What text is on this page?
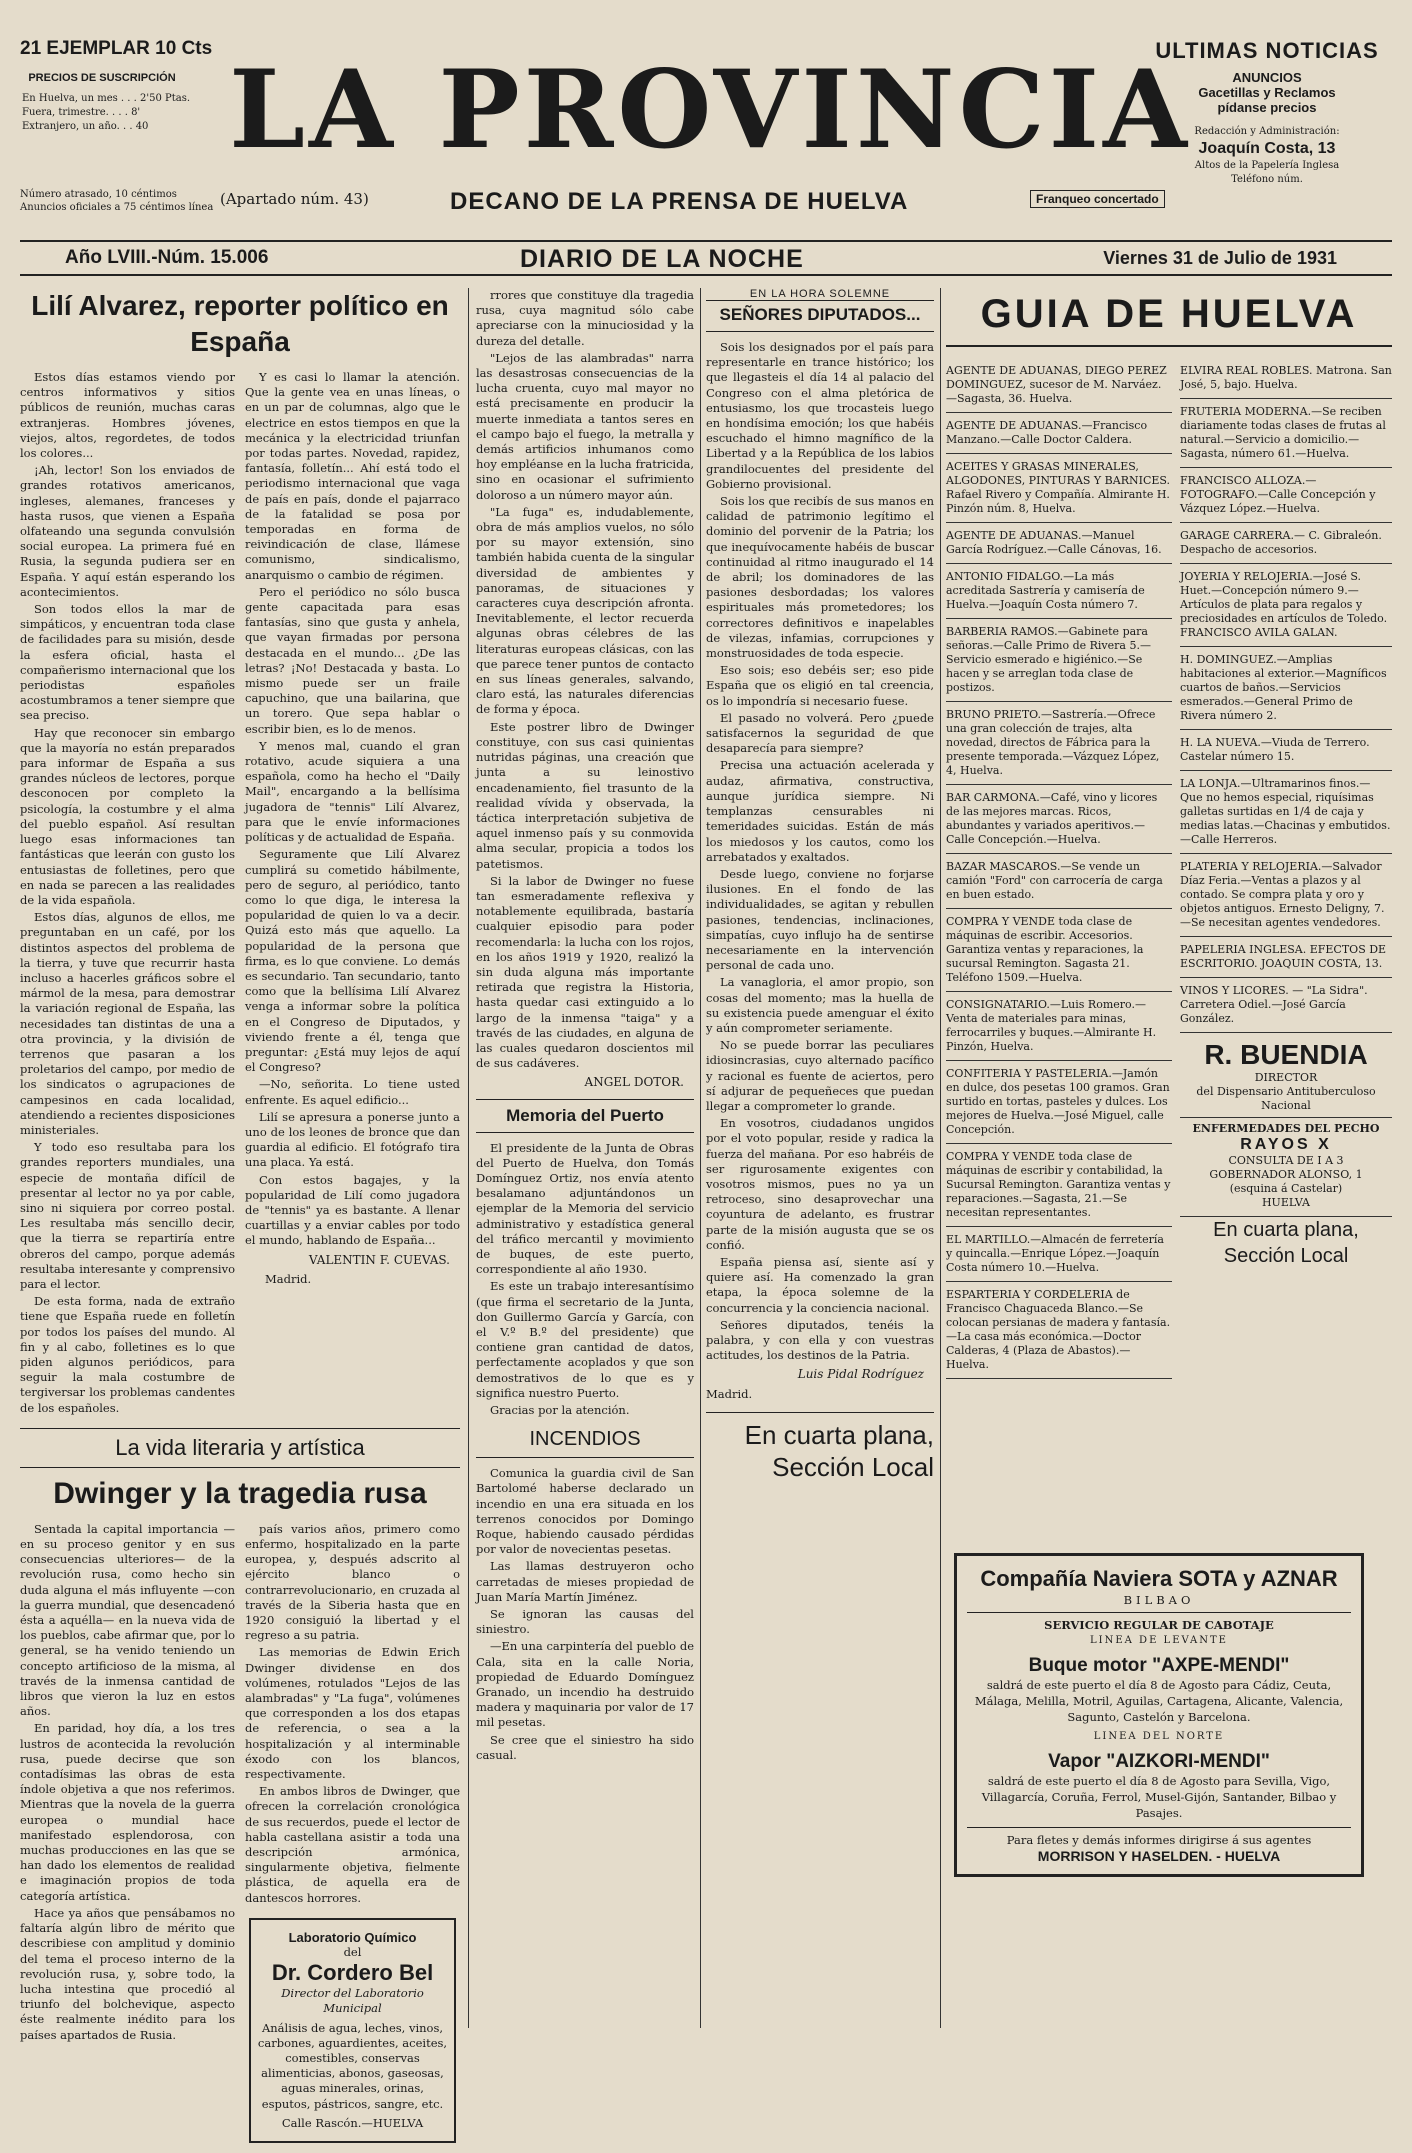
21 EJEMPLAR 10 Cts
PRECIOS DE SUSCRIPCIÓN
En Huelva, un mes . . . 2'50 Ptas.
Fuera, trimestre. . . . 8'
Extranjero, un año. . . 40
Número atrasado, 10 céntimos
Anuncios oficiales a 75 céntimos línea
LA PROVINCIA
(Apartado núm. 43)	DECANO DE LA PRENSA DE HUELVA	Franqueo concertado
ULTIMAS NOTICIAS
ANUNCIOS
Gacetillas y Reclamos
pídanse precios
Redacción y Administración:
Joaquín Costa, 13
Altos de la Papelería Inglesa
Teléfono núm.
Año LVIII.-Núm. 15.006	DIARIO DE LA NOCHE	Viernes 31 de Julio de 1931
Lilí Alvarez, reporter político en España

Estos días estamos viendo por centros informativos y sitios públicos de reunión, muchas caras extranjeras. Hombres jóvenes, viejos, altos, regordetes, de todos los colores...

¡Ah, lector! Son los enviados de grandes rotativos americanos, ingleses, alemanes, franceses y hasta rusos, que vienen a España olfateando una segunda convulsión social europea. La primera fué en Rusia, la segunda pudiera ser en España. Y aquí están esperando los acontecimientos.

Son todos ellos la mar de simpáticos, y encuentran toda clase de facilidades para su misión, desde la esfera oficial, hasta el compañerismo internacional que los periodistas españoles acostumbramos a tener siempre que sea preciso.

Hay que reconocer sin embargo que la mayoría no están preparados para informar de España a sus grandes núcleos de lectores, porque desconocen por completo la psicología, la costumbre y el alma del pueblo español. Así resultan luego esas informaciones tan fantásticas que leerán con gusto los entusiastas de folletines, pero que en nada se parecen a las realidades de la vida española.

Estos días, algunos de ellos, me preguntaban en un café, por los distintos aspectos del problema de la tierra, y tuve que recurrir hasta incluso a hacerles gráficos sobre el mármol de la mesa, para demostrar la variación regional de España, las necesidades tan distintas de una a otra provincia, y la división de terrenos que pasaran a los proletarios del campo, por medio de los sindicatos o agrupaciones de campesinos en cada localidad, atendiendo a recientes disposiciones ministeriales.

Y todo eso resultaba para los grandes reporters mundiales, una especie de montaña difícil de presentar al lector no ya por cable, sino ni siquiera por correo postal. Les resultaba más sencillo decir, que la tierra se repartiría entre obreros del campo, porque además resultaba interesante y comprensivo para el lector.

De esta forma, nada de extraño tiene que España ruede en folletín por todos los países del mundo. Al fin y al cabo, folletines es lo que piden algunos periódicos, para seguir la mala costumbre de tergiversar los problemas candentes de los españoles.

Y es casi lo llamar la atención. Que la gente vea en unas líneas, o en un par de columnas, algo que le electrice en estos tiempos en que la mecánica y la electricidad triunfan por todas partes. Novedad, rapidez, fantasía, folletín... Ahí está todo el periodismo internacional que vaga de país en país, donde el pajarraco de la fatalidad se posa por temporadas en forma de reivindicación de clase, llámese comunismo, sindicalismo, anarquismo o cambio de régimen.

Pero el periódico no sólo busca gente capacitada para esas fantasías, sino que gusta y anhela, que vayan firmadas por persona destacada en el mundo... ¿De las letras? ¡No! Destacada y basta. Lo mismo puede ser un fraile capuchino, que una bailarina, que un torero. Que sepa hablar o escribir bien, es lo de menos.

Y menos mal, cuando el gran rotativo, acude siquiera a una española, como ha hecho el "Daily Mail", encargando a la bellísima jugadora de "tennis" Lilí Alvarez, para que le envíe informaciones políticas y de actualidad de España.

Seguramente que Lilí Alvarez cumplirá su cometido hábilmente, pero de seguro, al periódico, tanto como lo que diga, le interesa la popularidad de quien lo va a decir. Quizá esto más que aquello. La popularidad de la persona que firma, es lo que conviene. Lo demás es secundario. Tan secundario, tanto como que la bellísima Lilí Alvarez venga a informar sobre la política en el Congreso de Diputados, y viviendo frente a él, tenga que preguntar: ¿Está muy lejos de aquí el Congreso?

—No, señorita. Lo tiene usted enfrente. Es aquel edificio...

Lilí se apresura a ponerse junto a uno de los leones de bronce que dan guardia al edificio. El fotógrafo tira una placa. Ya está.

Con estos bagajes, y la popularidad de Lilí como jugadora de "tennis" ya es bastante. A llenar cuartillas y a enviar cables por todo el mundo, hablando de España...

VALENTIN F. CUEVAS.
Madrid.
La vida literaria y artística
Dwinger y la tragedia rusa

Sentada la capital importancia —en su proceso genitor y en sus consecuencias ulteriores— de la revolución rusa, como hecho sin duda alguna el más influyente —con la guerra mundial, que desencadenó ésta a aquélla— en la nueva vida de los pueblos, cabe afirmar que, por lo general, se ha venido teniendo un concepto artificioso de la misma, al través de la inmensa cantidad de libros que vieron la luz en estos años.

En paridad, hoy día, a los tres lustros de acontecida la revolución rusa, puede decirse que son contadísimas las obras de esta índole objetiva a que nos referimos. Mientras que la novela de la guerra europea o mundial hace manifestado esplendorosa, con muchas producciones en las que se han dado los elementos de realidad e imaginación propios de toda categoría artística.

Hace ya años que pensábamos no faltaría algún libro de mérito que describiese con amplitud y dominio del tema el proceso interno de la revolución rusa, y, sobre todo, la lucha intestina que procedió al triunfo del bolchevique, aspecto éste realmente inédito para los países apartados de Rusia.

país varios años, primero como enfermo, hospitalizado en la parte europea, y, después adscrito al ejército blanco o contrarrevolucionario, en cruzada al través de la Siberia hasta que en 1920 consiguió la libertad y el regreso a su patria.

Las memorias de Edwin Erich Dwinger dividense en dos volúmenes, rotulados "Lejos de las alambradas" y "La fuga", volúmenes que corresponden a los dos etapas de referencia, o sea a la hospitalización y al interminable éxodo con los blancos, respectivamente.

En ambos libros de Dwinger, que ofrecen la correlación cronológica de sus recuerdos, puede el lector de habla castellana asistir a toda una descripción armónica, singularmente objetiva, fielmente plástica, de aquella era de dantescos horrores.

Laboratorio Químico
del
Dr. Cordero Bel
Director del Laboratorio Municipal
Análisis de agua, leches, vinos, carbones, aguardientes, aceites, comestibles, conservas alimenticias, abonos, gaseosas, aguas minerales, orinas, esputos, pástricos, sangre, etc.
Calle Rascón.—HUELVA

rrores que constituye dla tragedia rusa, cuya magnitud sólo cabe apreciarse con la minuciosidad y la dureza del detalle.

"Lejos de las alambradas" narra las desastrosas consecuencias de la lucha cruenta, cuyo mal mayor no está precisamente en producir la muerte inmediata a tantos seres en el campo bajo el fuego, la metralla y demás artificios inhumanos como hoy empléanse en la lucha fratricida, sino en ocasionar el sufrimiento doloroso a un número mayor aún.

"La fuga" es, indudablemente, obra de más amplios vuelos, no sólo por su mayor extensión, sino también habida cuenta de la singular diversidad de ambientes y panoramas, de situaciones y caracteres cuya descripción afronta. Inevitablemente, el lector recuerda algunas obras célebres de las literaturas europeas clásicas, con las que parece tener puntos de contacto en sus líneas generales, salvando, claro está, las naturales diferencias de forma y época.

Este postrer libro de Dwinger constituye, con sus casi quinientas nutridas páginas, una creación que junta a su leinostivo encadenamiento, fiel trasunto de la realidad vívida y observada, la táctica interpretación subjetiva de aquel inmenso país y su conmovida alma secular, propicia a todos los patetismos.

Si la labor de Dwinger no fuese tan esmeradamente reflexiva y notablemente equilibrada, bastaría cualquier episodio para poder recomendarla: la lucha con los rojos, en los años 1919 y 1920, realizó la sin duda alguna más importante retirada que registra la Historia, hasta quedar casi extinguido a lo largo de la inmensa "taiga" y a través de las ciudades, en alguna de las cuales quedaron doscientos mil de sus cadáveres.

ANGEL DOTOR.
Memoria del Puerto

El presidente de la Junta de Obras del Puerto de Huelva, don Tomás Domínguez Ortiz, nos envía atento besalamano adjuntándonos un ejemplar de la Memoria del servicio administrativo y estadística general del tráfico mercantil y movimiento de buques, de este puerto, correspondiente al año 1930.

Es este un trabajo interesantísimo (que firma el secretario de la Junta, don Guillermo García y García, con el V.º B.º del presidente) que contiene gran cantidad de datos, perfectamente acoplados y que son demostrativos de lo que es y significa nuestro Puerto.

Gracias por la atención.

INCENDIOS

Comunica la guardia civil de San Bartolomé haberse declarado un incendio en una era situada en los terrenos conocidos por Domingo Roque, habiendo causado pérdidas por valor de novecientas pesetas.

Las llamas destruyeron ocho carretadas de mieses propiedad de Juan María Martín Jiménez.

Se ignoran las causas del siniestro.

—En una carpintería del pueblo de Cala, sita en la calle Noria, propiedad de Eduardo Domínguez Granado, un incendio ha destruido madera y maquinaria por valor de 17 mil pesetas.

Se cree que el siniestro ha sido casual.

EN LA HORA SOLEMNE
SEÑORES DIPUTADOS...

Sois los designados por el país para representarle en trance histórico; los que llegasteis el día 14 al palacio del Congreso con el alma pletórica de entusiasmo, los que trocasteis luego en hondísima emoción; los que habéis escuchado el himno magnífico de la Libertad y a la República de los labios grandilocuentes del presidente del Gobierno provisional.

Sois los que recibís de sus manos en calidad de patrimonio legítimo el dominio del porvenir de la Patria; los que inequívocamente habéis de buscar continuidad al ritmo inaugurado el 14 de abril; los dominadores de las pasiones desbordadas; los valores espirituales más prometedores; los correctores definitivos e inapelables de vilezas, infamias, corrupciones y monstruosidades de toda especie.

Eso sois; eso debéis ser; eso pide España que os eligió en tal creencia, os lo impondría si necesario fuese.

El pasado no volverá. Pero ¿puede satisfacernos la seguridad de que desaparecía para siempre?

Precisa una actuación acelerada y audaz, afirmativa, constructiva, aunque jurídica siempre. Ni templanzas censurables ni temeridades suicidas. Están de más los miedosos y los cautos, como los arrebatados y exaltados.

Desde luego, conviene no forjarse ilusiones. En el fondo de las individualidades, se agitan y rebullen pasiones, tendencias, inclinaciones, simpatías, cuyo influjo ha de sentirse necesariamente en la intervención personal de cada uno.

La vanagloria, el amor propio, son cosas del momento; mas la huella de su existencia puede amenguar el éxito y aún comprometer seriamente.

No se puede borrar las peculiares idiosincrasias, cuyo alternado pacífico y racional es fuente de aciertos, pero sí adjurar de pequeñeces que puedan llegar a comprometer lo grande.

En vosotros, ciudadanos ungidos por el voto popular, reside y radica la fuerza del mañana. Por eso habréis de ser rigurosamente exigentes con vosotros mismos, pues no ya un retroceso, sino desaprovechar una coyuntura de adelanto, es frustrar parte de la misión augusta que se os confió.

España piensa así, siente así y quiere así. Ha comenzado la gran etapa, la época solemne de la concurrencia y la conciencia nacional.

Señores diputados, tenéis la palabra, y con ella y con vuestras actitudes, los destinos de la Patria.

Luis Pidal Rodríguez
Madrid.
En cuarta plana,
Sección Local
GUIA DE HUELVA
AGENTE DE ADUANAS, DIEGO PEREZ DOMINGUEZ, sucesor de M. Narváez.—Sagasta, 36. Huelva.
AGENTE DE ADUANAS.—Francisco Manzano.—Calle Doctor Caldera.
ACEITES Y GRASAS MINERALES, ALGODONES, PINTURAS Y BARNICES. Rafael Rivero y Compañía. Almirante H. Pinzón núm. 8, Huelva.
AGENTE DE ADUANAS.—Manuel García Rodríguez.—Calle Cánovas, 16.
ANTONIO FIDALGO.—La más acreditada Sastrería y camisería de Huelva.—Joaquín Costa número 7.
BARBERIA RAMOS.—Gabinete para señoras.—Calle Primo de Rivera 5.—Servicio esmerado e higiénico.—Se hacen y se arreglan toda clase de postizos.
BRUNO PRIETO.—Sastrería.—Ofrece una gran colección de trajes, alta novedad, directos de Fábrica para la presente temporada.—Vázquez López, 4, Huelva.
BAR CARMONA.—Café, vino y licores de las mejores marcas. Ricos, abundantes y variados aperitivos.—Calle Concepción.—Huelva.
BAZAR MASCAROS.—Se vende un camión "Ford" con carrocería de carga en buen estado.
COMPRA Y VENDE toda clase de máquinas de escribir. Accesorios. Garantiza ventas y reparaciones, la sucursal Remington. Sagasta 21. Teléfono 1509.—Huelva.
CONSIGNATARIO.—Luis Romero.—Venta de materiales para minas, ferrocarriles y buques.—Almirante H. Pinzón, Huelva.
CONFITERIA Y PASTELERIA.—Jamón en dulce, dos pesetas 100 gramos. Gran surtido en tortas, pasteles y dulces. Los mejores de Huelva.—José Miguel, calle Concepción.
COMPRA Y VENDE toda clase de máquinas de escribir y contabilidad, la Sucursal Remington. Garantiza ventas y reparaciones.—Sagasta, 21.—Se necesitan representantes.
EL MARTILLO.—Almacén de ferretería y quincalla.—Enrique López.—Joaquín Costa número 10.—Huelva.
ESPARTERIA Y CORDELERIA de Francisco Chaguaceda Blanco.—Se colocan persianas de madera y fantasía.—La casa más económica.—Doctor Calderas, 4 (Plaza de Abastos).—Huelva.
ELVIRA REAL ROBLES. Matrona. San José, 5, bajo. Huelva.
FRUTERIA MODERNA.—Se reciben diariamente todas clases de frutas al natural.—Servicio a domicilio.—Sagasta, número 61.—Huelva.
FRANCISCO ALLOZA.—FOTOGRAFO.—Calle Concepción y Vázquez López.—Huelva.
GARAGE CARRERA.— C. Gibraleón. Despacho de accesorios.
JOYERIA Y RELOJERIA.—José S. Huet.—Concepción número 9.—Artículos de plata para regalos y preciosidades en artículos de Toledo. FRANCISCO AVILA GALAN.
H. DOMINGUEZ.—Amplias habitaciones al exterior.—Magníficos cuartos de baños.—Servicios esmerados.—General Primo de Rivera número 2.
H. LA NUEVA.—Viuda de Terrero. Castelar número 15.
LA LONJA.—Ultramarinos finos.—Que no hemos especial, riquísimas galletas surtidas en 1/4 de caja y medias latas.—Chacinas y embutidos.—Calle Herreros.
PLATERIA Y RELOJERIA.—Salvador Díaz Feria.—Ventas a plazos y al contado. Se compra plata y oro y objetos antiguos. Ernesto Deligny, 7.—Se necesitan agentes vendedores.
PAPELERIA INGLESA. EFECTOS DE ESCRITORIO. JOAQUIN COSTA, 13.
VINOS Y LICORES. — "La Sidra". Carretera Odiel.—José García González.
R. BUENDIA
DIRECTOR
del Dispensario Antituberculoso Nacional
ENFERMEDADES DEL PECHO
RAYOS X
CONSULTA DE I A 3
GOBERNADOR ALONSO, 1
(esquina á Castelar)
HUELVA
En cuarta plana,
Sección Local
Compañía Naviera SOTA y AZNAR
BILBAO
SERVICIO REGULAR DE CABOTAJE
LINEA DE LEVANTE
Buque motor "AXPE-MENDI"
saldrá de este puerto el día 8 de Agosto para Cádiz, Ceuta, Málaga, Melilla, Motril, Aguilas, Cartagena, Alicante, Valencia, Sagunto, Castelón y Barcelona.
LINEA DEL NORTE
Vapor "AIZKORI-MENDI"
saldrá de este puerto el día 8 de Agosto para Sevilla, Vigo, Villagarcía, Coruña, Ferrol, Musel-Gijón, Santander, Bilbao y Pasajes.
Para fletes y demás informes dirigirse á sus agentes
MORRISON Y HASELDEN. - HUELVA
